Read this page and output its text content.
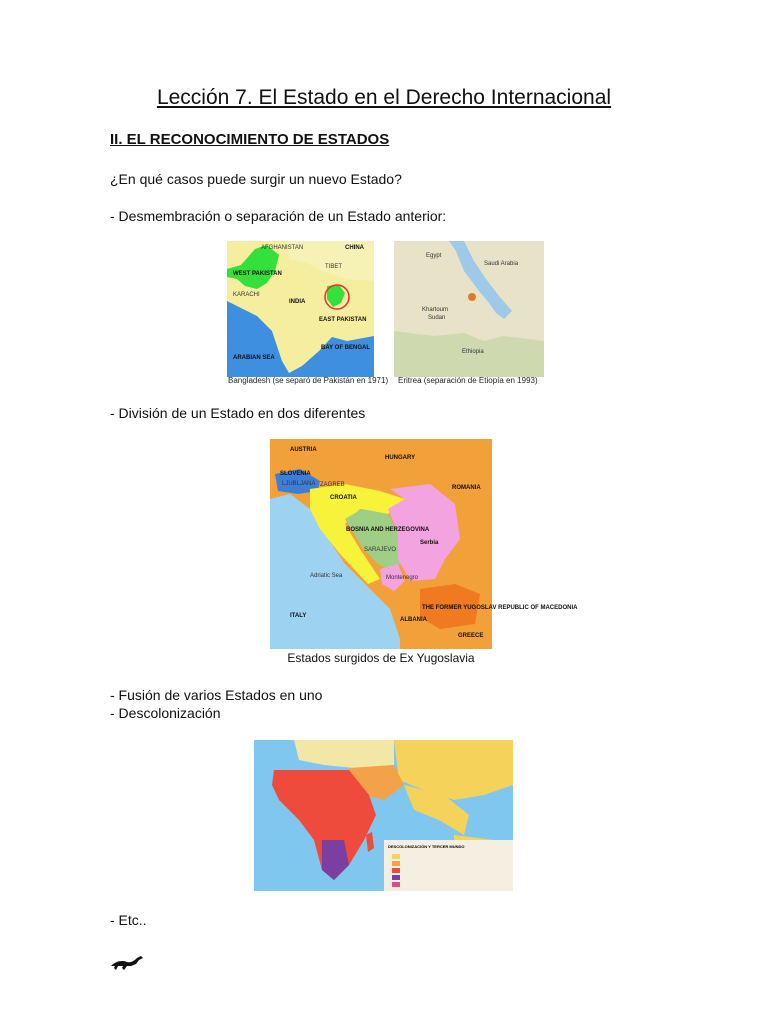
Lección 7. El Estado en el Derecho Internacional
II. EL RECONOCIMIENTO DE ESTADOS
¿En qué casos puede surgir un nuevo Estado?
- Desmembración o separación de un Estado anterior:
CHINA
AFGHANISTAN
WEST PAKISTAN
KARACHI
TIBET
INDIA
EAST PAKISTAN
BAY OF BENGAL
ARABIAN SEA
Bangladesh (se separó de Pakistán en 1971)
Egypt
Saudi Arabia
Sudan
Khartoum
Ethiopia
Eritrea (separación de Etiopía en 1993)
- División de un Estado en dos diferentes
AUSTRIA
HUNGARY
ROMANIA
SLOVENIA
LJUBLJANA ZAGREB
CROATIA
BOSNIA AND HERZEGOVINA
SARAJEVO
Serbia
Montenegro
ITALY
Adriatic Sea
ALBANIA
GREECE
THE FORMER YUGOSLAV REPUBLIC OF MACEDONIA
Estados surgidos de Ex Yugoslavia
- Fusión de varios Estados en uno
- Descolonización
DESCOLONIZACIÓN Y TERCER MUNDO
- Etc..
